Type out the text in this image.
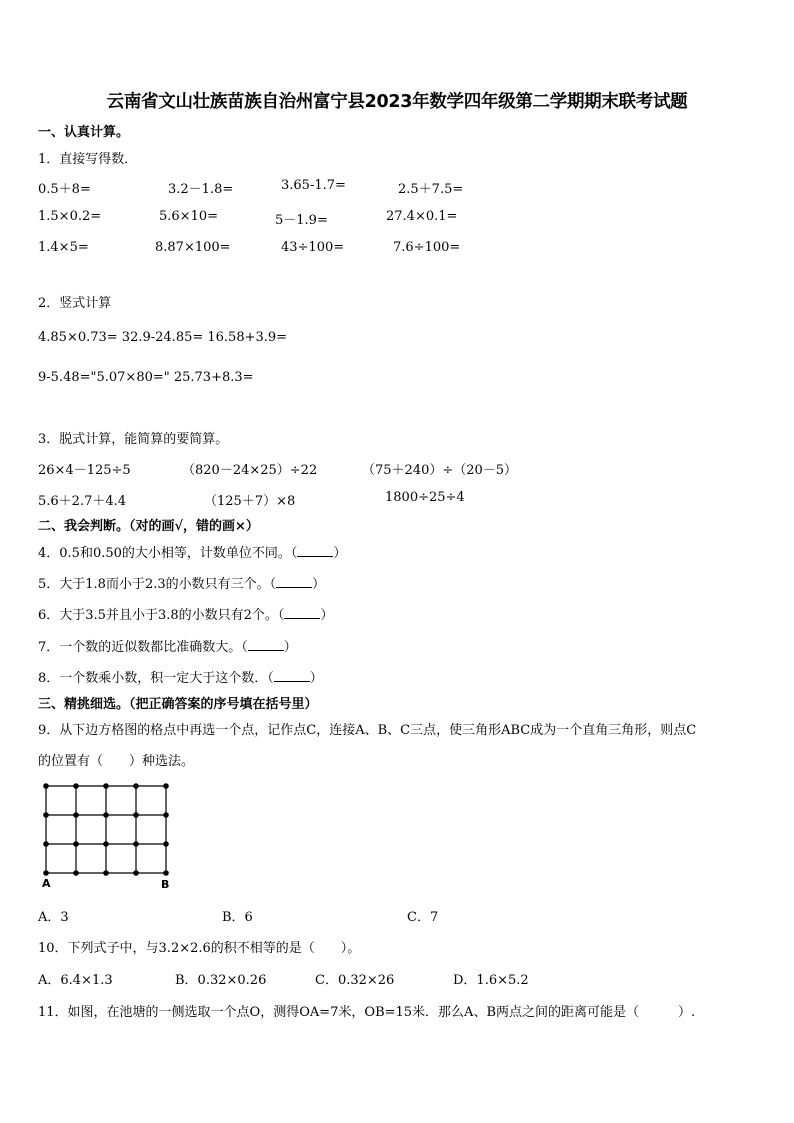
云南省文山壮族苗族自治州富宁县2023年数学四年级第二学期期末联考试题
一、认真计算。
1．直接写得数．
0.5＋8=	3.2－1.8=	3.65-1.7=	2.5＋7.5=
1.5×0.2=	5.6×10=	5－1.9=	27.4×0.1=
1.4×5=	8.87×100=	43÷100=	7.6÷100=
2．竖式计算
4.85×0.73= 32.9-24.85= 16.58+3.9=
9-5.48="5.07×80=" 25.73+8.3=
3．脱式计算，能简算的要简算。
26×4－125÷5	（820－24×25）÷22	（75＋240）÷（20－5）
5.6＋2.7＋4.4	（125＋7）×8	1800÷25÷4
二、我会判断。（对的画√，错的画×）
4．0.5和0.50的大小相等，计数单位不同。（	）
5．大于1.8而小于2.3的小数只有三个。（	）
6．大于3.5并且小于3.8的小数只有2个。（	）
7．一个数的近似数都比准确数大。（	）
8．一个数乘小数，积一定大于这个数．（	）
三、精挑细选。（把正确答案的序号填在括号里）
9．从下边方格图的格点中再选一个点，记作点C，连接A、B、C三点，使三角形ABC成为一个直角三角形，则点C
的位置有（　　）种选法。
A	B
A．3	B．6	C．7
10．下列式子中，与3.2×2.6的积不相等的是（　　）。
A．6.4×1.3	B．0.32×0.26	C．0.32×26	D．1.6×5.2
11．如图，在池塘的一侧选取一个点O，测得OA=7米，OB=15米．那么A、B两点之间的距离可能是（　　　）.
